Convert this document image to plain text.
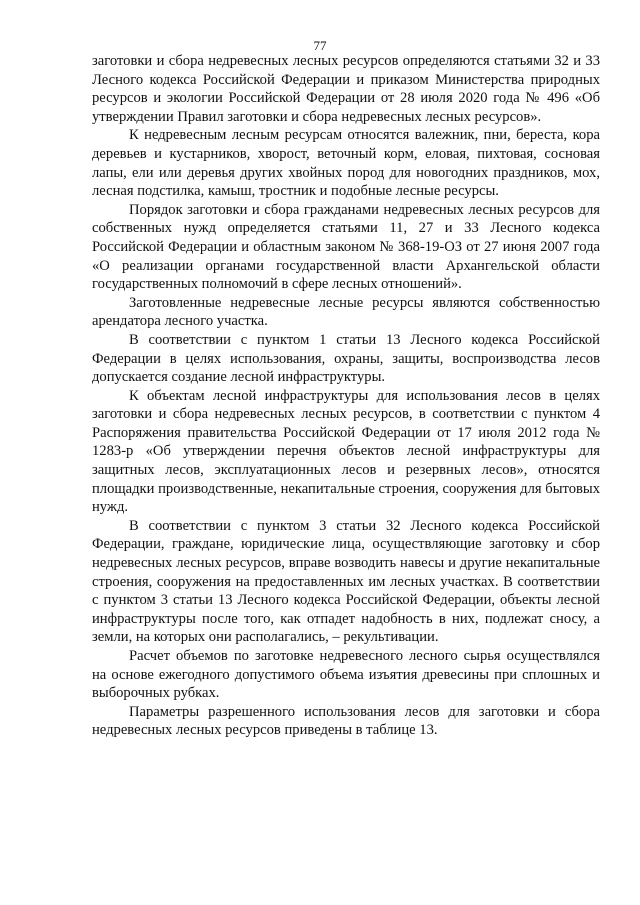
77

заготовки и сбора недревесных лесных ресурсов определяются статьями 32 и 33 Лесного кодекса Российской Федерации и приказом Министерства природных ресурсов и экологии Российской Федерации от 28 июля 2020 года № 496 «Об утверждении Правил заготовки и сбора недревесных лесных ресурсов».

К недревесным лесным ресурсам относятся валежник, пни, береста, кора деревьев и кустарников, хворост, веточный корм, еловая, пихтовая, сосновая лапы, ели или деревья других хвойных пород для новогодних праздников, мох, лесная подстилка, камыш, тростник и подобные лесные ресурсы.

Порядок заготовки и сбора гражданами недревесных лесных ресурсов для собственных нужд определяется статьями 11, 27 и 33 Лесного кодекса Российской Федерации и областным законом № 368-19-ОЗ от 27 июня 2007 года «О реализации органами государственной власти Архангельской области государственных полномочий в сфере лесных отношений».

Заготовленные недревесные лесные ресурсы являются собственностью арендатора лесного участка.

В соответствии с пунктом 1 статьи 13 Лесного кодекса Российской Федерации в целях использования, охраны, защиты, воспроизводства лесов допускается создание лесной инфраструктуры.

К объектам лесной инфраструктуры для использования лесов в целях заготовки и сбора недревесных лесных ресурсов, в соответствии с пунктом 4 Распоряжения правительства Российской Федерации от 17 июля 2012 года № 1283-р «Об утверждении перечня объектов лесной инфраструктуры для защитных лесов, эксплуатационных лесов и резервных лесов», относятся площадки производственные, некапитальные строения, сооружения для бытовых нужд.

В соответствии с пунктом 3 статьи 32 Лесного кодекса Российской Федерации, граждане, юридические лица, осуществляющие заготовку и сбор недревесных лесных ресурсов, вправе возводить навесы и другие некапитальные строения, сооружения на предоставленных им лесных участках. В соответствии с пунктом 3 статьи 13 Лесного кодекса Российской Федерации, объекты лесной инфраструктуры после того, как отпадет надобность в них, подлежат сносу, а земли, на которых они располагались, – рекультивации.

Расчет объемов по заготовке недревесного лесного сырья осуществлялся на основе ежегодного допустимого объема изъятия древесины при сплошных и выборочных рубках.

Параметры разрешенного использования лесов для заготовки и сбора недревесных лесных ресурсов приведены в таблице 13.
